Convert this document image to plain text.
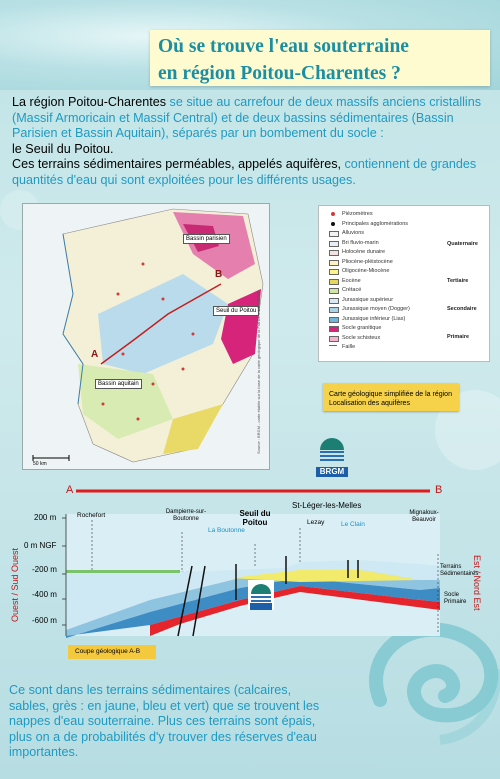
Où se trouve l'eau souterraine
en région Poitou-Charentes ?
La région Poitou-Charentes se situe au carrefour de deux massifs anciens cristallins (Massif Armoricain et Massif Central) et de deux bassins sédimentaires (Bassin Parisien et Bassin Aquitain), séparés par un bombement du socle :
le Seuil du Poitou.
Ces terrains sédimentaires perméables, appelés aquifères, contiennent de grandes quantités d'eau qui sont exploitées pour les différents usages.
Bassin parisien
Seuil du Poitou
Bassin aquitain
A
B
Source : BRGM - carte établie sur la base de la carte géologique de la France à 1/1 000 000
50 km
Piézomètres
Principales agglomérations
Alluvions
Bri fluvio-marin
Holocène dunaire
Pliocène-pléistocène
Oligocène-Miocène
Eocène
Crétacé
Jurassique supérieur
Jurassique moyen (Dogger)
Jurassique inférieur (Lias)
Socle granitique
Socle schisteux
Faille
Quaternaire
Tertiaire
Secondaire
Primaire
Carte géologique simplifiée de la région
Localisation des aquifères
BRGM
A	B
200 m
0 m NGF
-200 m
-400 m
-600 m
Ouest / Sud Ouest	Est / Nord Est
Rochefort	Dampierre-sur-Boutonne
Seuil du Poitou
St-Léger-les-Melles
Lezay
Mignaloux-Beauvoir
La Boutonne
Le Clain
Terrains Sédimentaires
Socle Primaire
Coupe géologique A-B
Ce sont dans les terrains sédimentaires (calcaires, sables, grès : en jaune, bleu et vert) que se trouvent les nappes d'eau souterraine. Plus ces terrains sont épais, plus on a de probabilités d'y trouver des réserves d'eau importantes.
